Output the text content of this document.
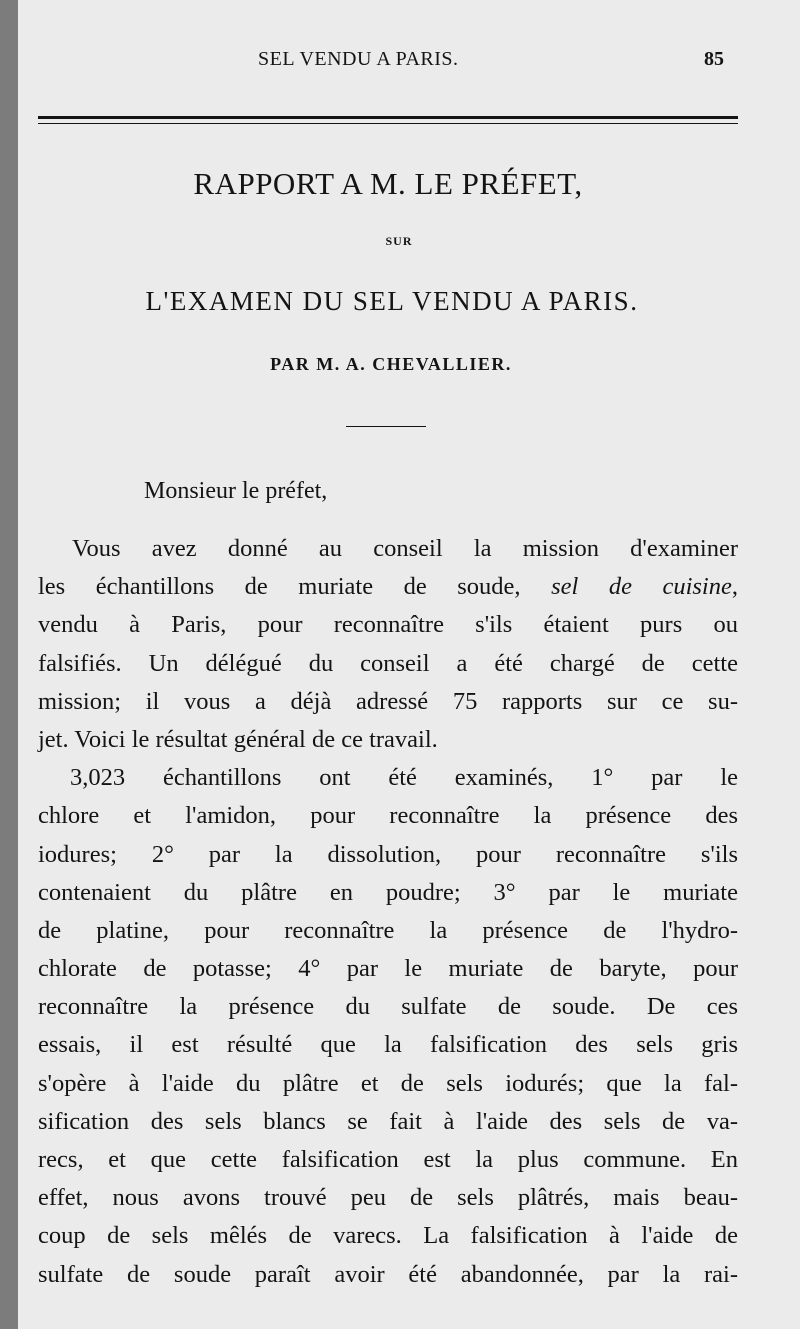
SEL VENDU A PARIS.	85
RAPPORT A M. LE PRÉFET,
SUR
L'EXAMEN DU SEL VENDU A PARIS.
PAR M. A. CHEVALLIER.
Monsieur le préfet,
Vous avez donné au conseil la mission d'examiner
les échantillons de muriate de soude, sel de cuisine,
vendu à Paris, pour reconnaître s'ils étaient purs ou
falsifiés. Un délégué du conseil a été chargé de cette
mission; il vous a déjà adressé 75 rapports sur ce su-
jet. Voici le résultat général de ce travail.
3,023 échantillons ont été examinés, 1° par le
chlore et l'amidon, pour reconnaître la présence des
iodures; 2° par la dissolution, pour reconnaître s'ils
contenaient du plâtre en poudre; 3° par le muriate
de platine, pour reconnaître la présence de l'hydro-
chlorate de potasse; 4° par le muriate de baryte, pour
reconnaître la présence du sulfate de soude. De ces
essais, il est résulté que la falsification des sels gris
s'opère à l'aide du plâtre et de sels iodurés; que la fal-
sification des sels blancs se fait à l'aide des sels de va-
recs, et que cette falsification est la plus commune. En
effet, nous avons trouvé peu de sels plâtrés, mais beau-
coup de sels mêlés de varecs. La falsification à l'aide de
sulfate de soude paraît avoir été abandonnée, par la rai-
